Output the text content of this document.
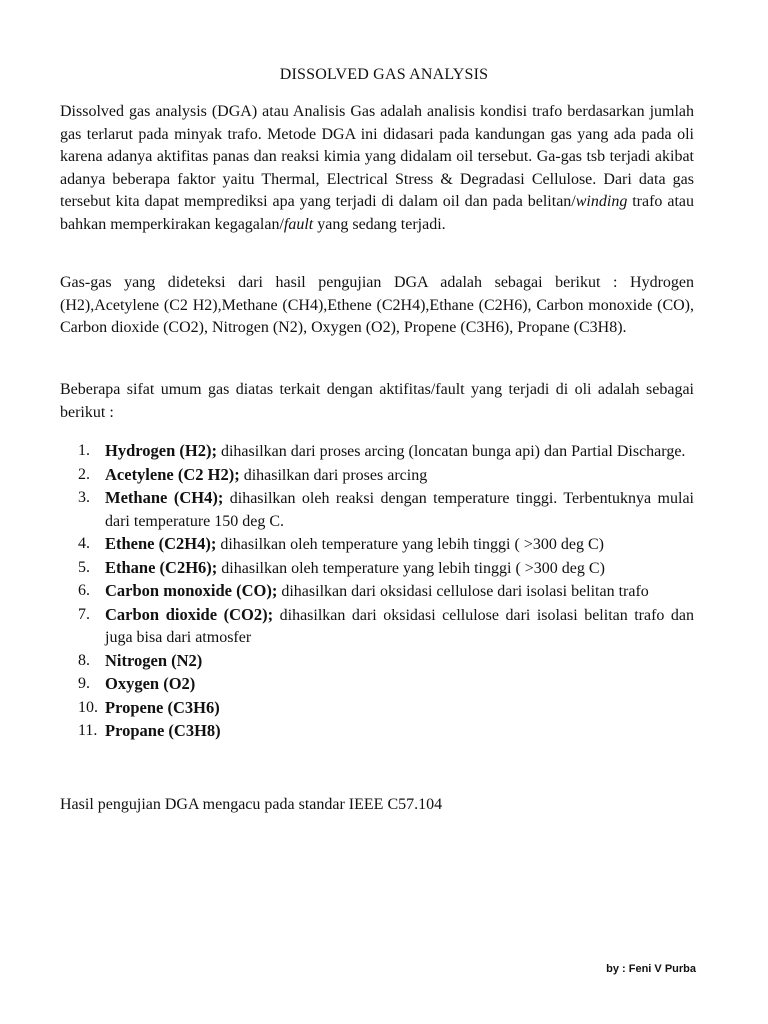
DISSOLVED GAS ANALYSIS

Dissolved gas analysis (DGA) atau Analisis Gas adalah analisis kondisi trafo berdasarkan jumlah gas terlarut pada minyak trafo. Metode DGA ini didasari pada kandungan gas yang ada pada oli karena adanya aktifitas panas dan reaksi kimia yang didalam oil tersebut. Ga-gas tsb terjadi akibat adanya beberapa faktor yaitu Thermal, Electrical Stress & Degradasi Cellulose. Dari data gas tersebut kita dapat memprediksi apa yang terjadi di dalam oil dan pada belitan/winding trafo atau bahkan memperkirakan kegagalan/fault yang sedang terjadi.

Gas-gas yang dideteksi dari hasil pengujian DGA adalah sebagai berikut : Hydrogen (H2),Acetylene (C2 H2),Methane (CH4),Ethene (C2H4),Ethane (C2H6), Carbon monoxide (CO), Carbon dioxide (CO2), Nitrogen (N2), Oxygen (O2), Propene (C3H6), Propane (C3H8).

Beberapa sifat umum gas diatas terkait dengan aktifitas/fault yang terjadi di oli adalah sebagai berikut :

1. Hydrogen (H2); dihasilkan dari proses arcing (loncatan bunga api) dan Partial Discharge.
2. Acetylene (C2 H2); dihasilkan dari proses arcing
3. Methane (CH4); dihasilkan oleh reaksi dengan temperature tinggi. Terbentuknya mulai dari temperature 150 deg C.
4. Ethene (C2H4); dihasilkan oleh temperature yang lebih tinggi ( >300 deg C)
5. Ethane (C2H6); dihasilkan oleh temperature yang lebih tinggi ( >300 deg C)
6. Carbon monoxide (CO); dihasilkan dari oksidasi cellulose dari isolasi belitan trafo
7. Carbon dioxide (CO2); dihasilkan dari oksidasi cellulose dari isolasi belitan trafo dan juga bisa dari atmosfer
8. Nitrogen (N2)
9. Oxygen (O2)
10. Propene (C3H6)
11. Propane (C3H8)
Hasil pengujian DGA mengacu pada standar IEEE C57.104
by : Feni V Purba
